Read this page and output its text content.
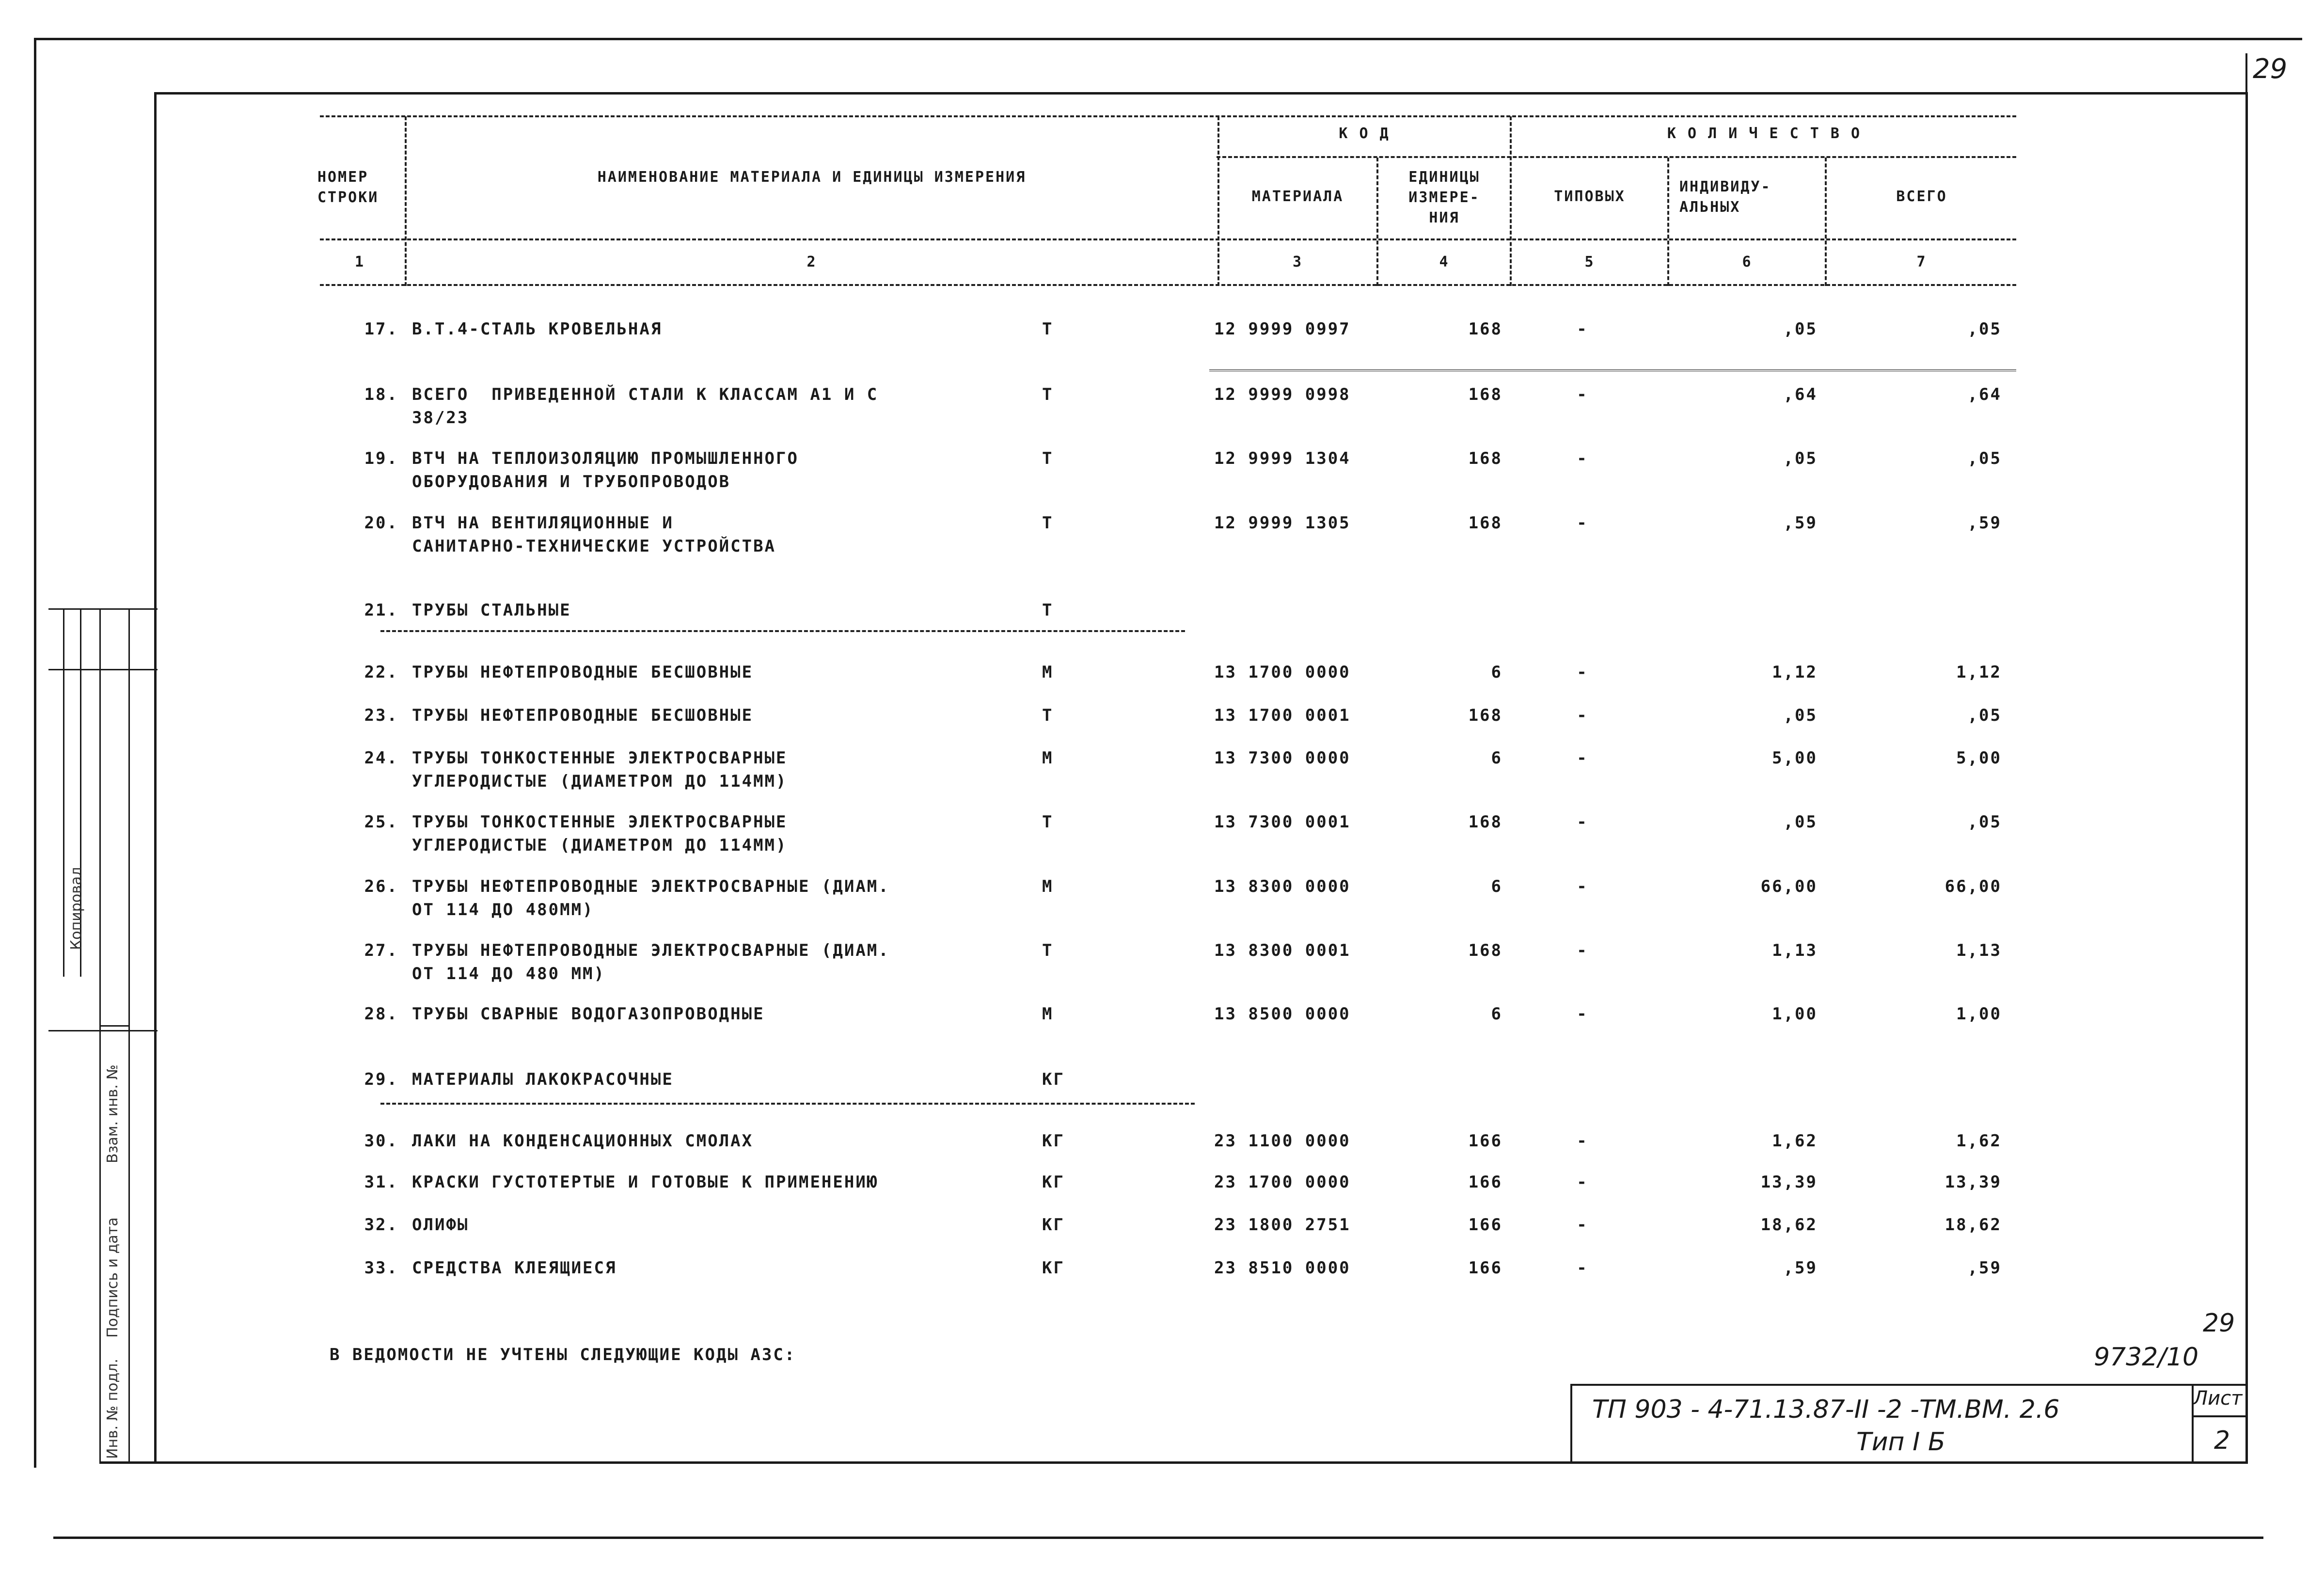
29
НОМЕР
СТРОКИ
НАИМЕНОВАНИЕ МАТЕРИАЛА И ЕДИНИЦЫ ИЗМЕРЕНИЯ
К О Д
МАТЕРИАЛА
ЕДИНИЦЫ
ИЗМЕРЕ-
НИЯ
К О Л И Ч Е С Т В О
ТИПОВЫХ
ИНДИВИДУ-
АЛЬНЫХ
ВСЕГО
1	2	3	4	5	6	7
17. В.Т.4-СТАЛЬ КРОВЕЛЬНАЯ	Т	12 9999 0997	168	-	,05	,05
18. ВСЕГО  ПРИВЕДЕННОЙ СТАЛИ К КЛАССАМ А1 И С
38/23
Т	12 9999 0998	168	-	,64	,64
19. ВТЧ НА ТЕПЛОИЗОЛЯЦИЮ ПРОМЫШЛЕННОГО
ОБОРУДОВАНИЯ И ТРУБОПРОВОДОВ
Т	12 9999 1304	168	-	,05	,05
20. ВТЧ НА ВЕНТИЛЯЦИОННЫЕ И
САНИТАРНО-ТЕХНИЧЕСКИЕ УСТРОЙСТВА
Т	12 9999 1305	168	-	,59	,59
21. ТРУБЫ СТАЛЬНЫЕ	Т
22. ТРУБЫ НЕФТЕПРОВОДНЫЕ БЕСШОВНЫЕ	М	13 1700 0000	6	-	1,12	1,12
23. ТРУБЫ НЕФТЕПРОВОДНЫЕ БЕСШОВНЫЕ	Т	13 1700 0001	168	-	,05	,05
24. ТРУБЫ ТОНКОСТЕННЫЕ ЭЛЕКТРОСВАРНЫЕ
УГЛЕРОДИСТЫЕ (ДИАМЕТРОМ ДО 114ММ)
М	13 7300 0000	6	-	5,00	5,00
25. ТРУБЫ ТОНКОСТЕННЫЕ ЭЛЕКТРОСВАРНЫЕ
УГЛЕРОДИСТЫЕ (ДИАМЕТРОМ ДО 114ММ)
Т	13 7300 0001	168	-	,05	,05
26. ТРУБЫ НЕФТЕПРОВОДНЫЕ ЭЛЕКТРОСВАРНЫЕ (ДИАМ.
ОТ 114 ДО 480ММ)
М	13 8300 0000	6	-	66,00	66,00
27. ТРУБЫ НЕФТЕПРОВОДНЫЕ ЭЛЕКТРОСВАРНЫЕ (ДИАМ.
ОТ 114 ДО 480 ММ)
Т	13 8300 0001	168	-	1,13	1,13
28. ТРУБЫ СВАРНЫЕ ВОДОГАЗОПРОВОДНЫЕ	М	13 8500 0000	6	-	1,00	1,00
29. МАТЕРИАЛЫ ЛАКОКРАСОЧНЫЕ	КГ
30. ЛАКИ НА КОНДЕНСАЦИОННЫХ СМОЛАХ	КГ	23 1100 0000	166	-	1,62	1,62
31. КРАСКИ ГУСТОТЕРТЫЕ И ГОТОВЫЕ К ПРИМЕНЕНИЮ	КГ	23 1700 0000	166	-	13,39	13,39
32. ОЛИФЫ	КГ	23 1800 2751	166	-	18,62	18,62
33. СРЕДСТВА КЛЕЯЩИЕСЯ	КГ	23 8510 0000	166	-	,59	,59
В ВЕДОМОСТИ НЕ УЧТЕНЫ СЛЕДУЮЩИЕ КОДЫ АЗС:
29
9732/10
ТП 903 - 4-71.13.87-II -2 -ТМ.ВМ. 2.6
Тип I Б
Лист
2
Копировал
Взам. инв. №
Подпись и дата
Инв. № подл.
